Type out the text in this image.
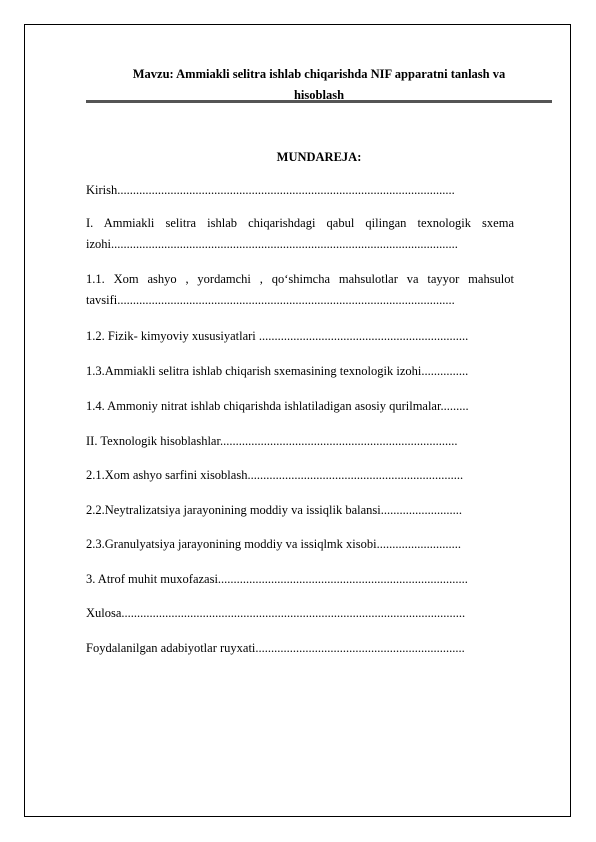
Mavzu: Ammiakli selitra ishlab chiqarishda NIF apparatni tanlash va
hisoblash
MUNDAREJA:
Kirish............................................................................................................
I. Ammiakli selitra ishlab chiqarishdagi qabul qilingan texnologik sxema izohi...............................................................................................................
1.1. Xom ashyo , yordamchi , qo‘shimcha mahsulotlar va tayyor mahsulot tavsifi............................................................................................................
1.2. Fizik- kimyoviy xususiyatlari ...................................................................
1.3.Ammiakli selitra ishlab chiqarish sxemasining texnologik izohi...............
1.4. Ammoniy nitrat ishlab chiqarishda ishlatiladigan asosiy qurilmalar.........
II. Texnologik hisoblashlar............................................................................
2.1.Xom ashyo sarfini xisoblash.....................................................................
2.2.Neytralizatsiya jarayonining moddiy va issiqlik balansi..........................
2.3.Granulyatsiya jarayonining moddiy va issiqlmk xisobi...........................
3. Atrof muhit muxofazasi................................................................................
Xulosa..............................................................................................................
Foydalanilgan adabiyotlar ruyxati...................................................................
